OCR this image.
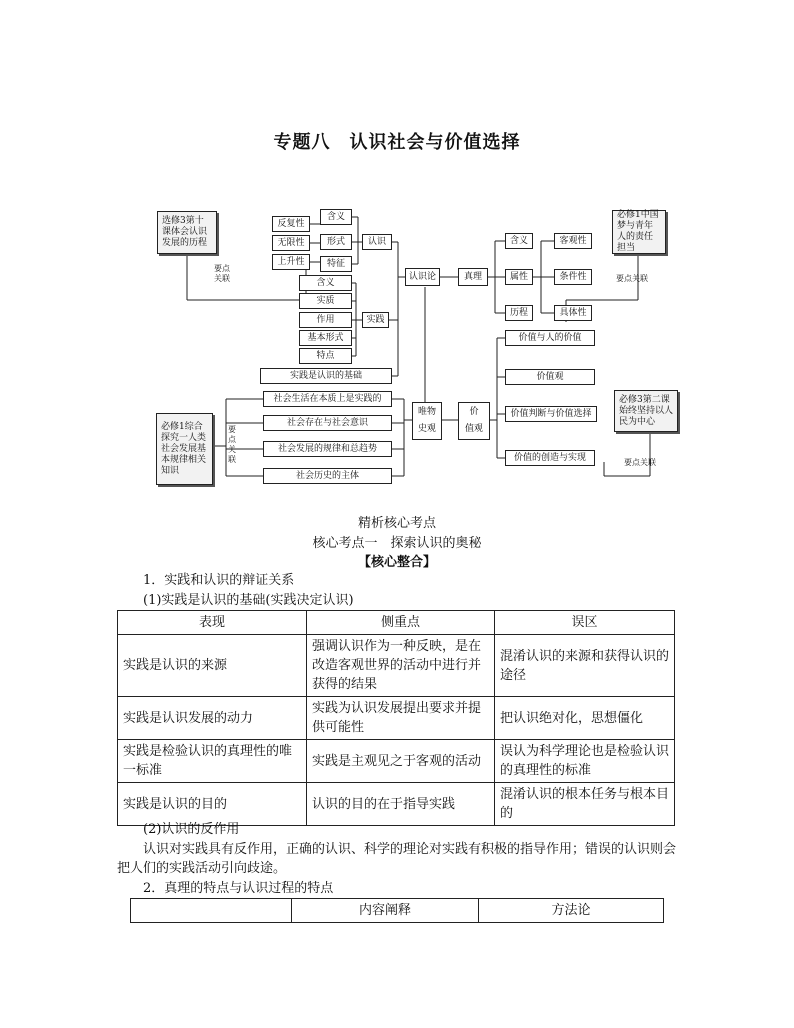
专题八　认识社会与价值选择
选修3第十课体会认识发展的历程
必修1中国梦与青年人的责任担当
必修1综合探究一人类社会发展基本规律相关知识
必修3第二课始终坚持以人民为中心
要点关联	要点关联
要点关联	要点关联
反复性
无限性
上升性
含义
形式
特征
认识
含义
实质
作用
基本形式
特点
实践
实践是认识的基础
认识论	真理
含义
属性
历程
客观性
条件性
具体性
唯物
史观
价
值观
价值与人的价值
价值观
价值判断与价值选择
价值的创造与实现
社会生活在本质上是实践的
社会存在与社会意识
社会发展的规律和总趋势
社会历史的主体
精析核心考点
核心考点一　探索认识的奥秘
【核心整合】
1．实践和认识的辩证关系
(1)实践是认识的基础(实践决定认识)
表现	侧重点	误区
实践是认识的来源	强调认识作为一种反映，是在改造客观世界的活动中进行并获得的结果	混淆认识的来源和获得认识的途径
实践是认识发展的动力	实践为认识发展提出要求并提供可能性	把认识绝对化，思想僵化
实践是检验认识的真理性的唯一标准	实践是主观见之于客观的活动	误认为科学理论也是检验认识的真理性的标准
实践是认识的目的	认识的目的在于指导实践	混淆认识的根本任务与根本目的
(2)认识的反作用
认识对实践具有反作用，正确的认识、科学的理论对实践有积极的指导作用；错误的认识则会把人们的实践活动引向歧途。
2．真理的特点与认识过程的特点
	内容阐释	方法论
